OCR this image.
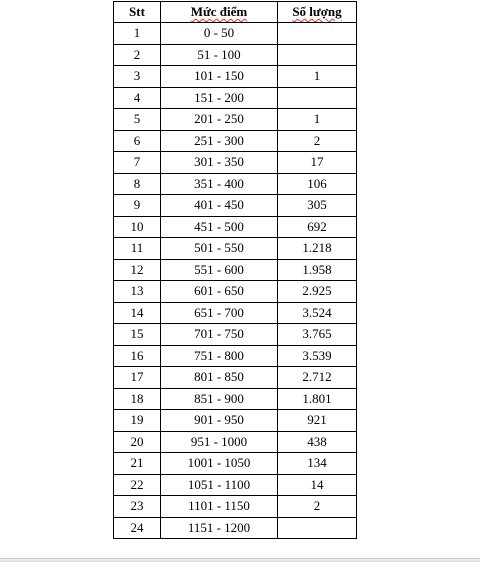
Stt	Mức điểm	Số lượng
1	0 - 50	
2	51 - 100	
3	101 - 150	1
4	151 - 200	
5	201 - 250	1
6	251 - 300	2
7	301 - 350	17
8	351 - 400	106
9	401 - 450	305
10	451 - 500	692
11	501 - 550	1.218
12	551 - 600	1.958
13	601 - 650	2.925
14	651 - 700	3.524
15	701 - 750	3.765
16	751 - 800	3.539
17	801 - 850	2.712
18	851 - 900	1.801
19	901 - 950	921
20	951 - 1000	438
21	1001 - 1050	134
22	1051 - 1100	14
23	1101 - 1150	2
24	1151 - 1200	
